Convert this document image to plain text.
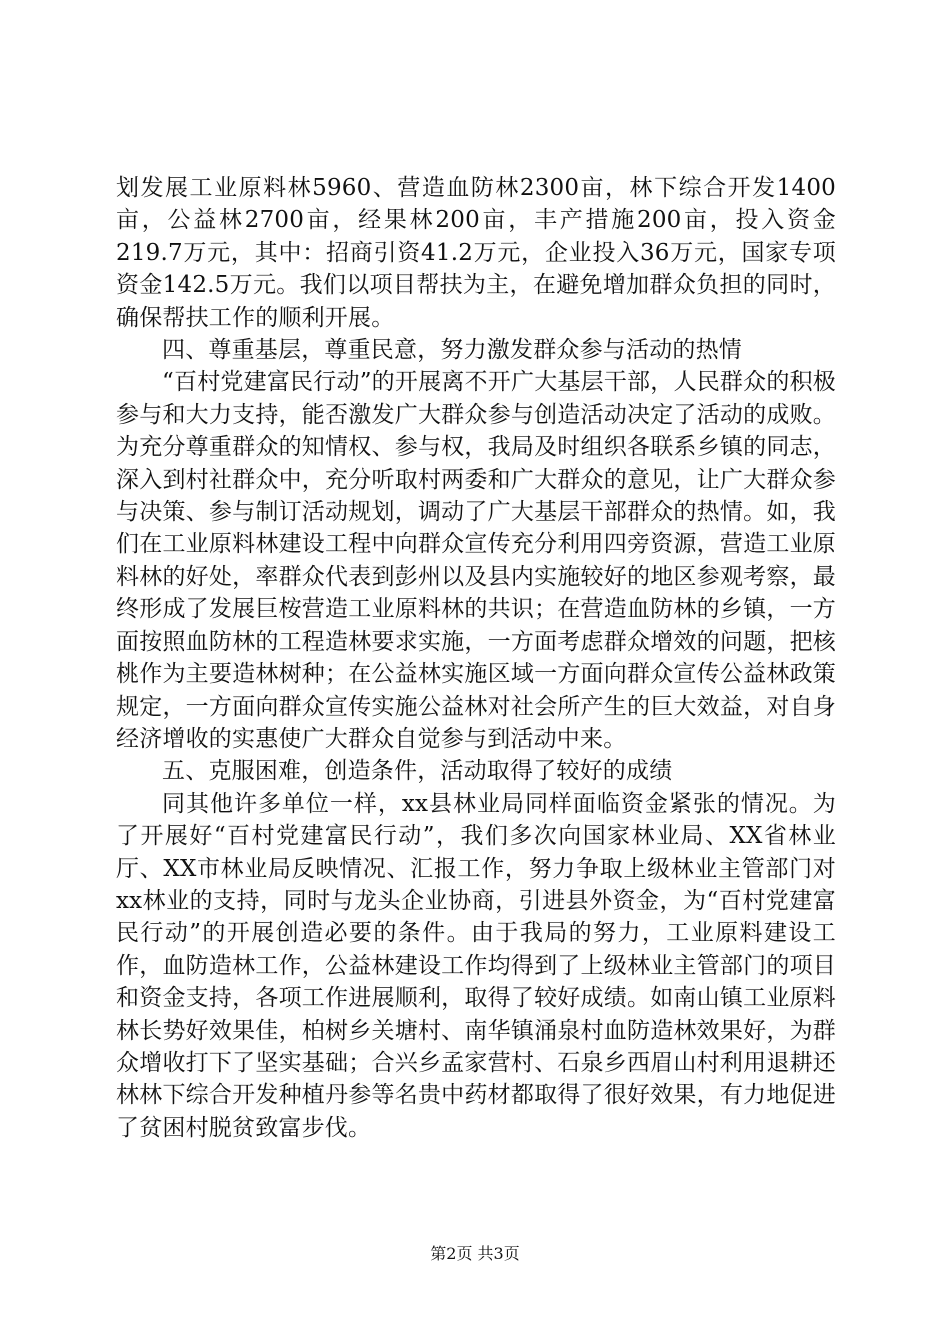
划发展工业原料林5960、营造血防林2300亩，林下综合开发1400亩，公益林2700亩，经果林200亩，丰产措施200亩，投入资金219.7万元，其中：招商引资41.2万元，企业投入36万元，国家专项资金142.5万元。我们以项目帮扶为主，在避免增加群众负担的同时，确保帮扶工作的顺利开展。

四、尊重基层，尊重民意，努力激发群众参与活动的热情

“百村党建富民行动”的开展离不开广大基层干部，人民群众的积极参与和大力支持，能否激发广大群众参与创造活动决定了活动的成败。为充分尊重群众的知情权、参与权，我局及时组织各联系乡镇的同志，深入到村社群众中，充分听取村两委和广大群众的意见，让广大群众参与决策、参与制订活动规划，调动了广大基层干部群众的热情。如，我们在工业原料林建设工程中向群众宣传充分利用四旁资源，营造工业原料林的好处，率群众代表到彭州以及县内实施较好的地区参观考察，最终形成了发展巨桉营造工业原料林的共识；在营造血防林的乡镇，一方面按照血防林的工程造林要求实施，一方面考虑群众增效的问题，把核桃作为主要造林树种；在公益林实施区域一方面向群众宣传公益林政策规定，一方面向群众宣传实施公益林对社会所产生的巨大效益，对自身经济增收的实惠使广大群众自觉参与到活动中来。

五、克服困难，创造条件，活动取得了较好的成绩

同其他许多单位一样，xx县林业局同样面临资金紧张的情况。为了开展好“百村党建富民行动”，我们多次向国家林业局、XX省林业厅、XX市林业局反映情况、汇报工作，努力争取上级林业主管部门对xx林业的支持，同时与龙头企业协商，引进县外资金，为“百村党建富民行动”的开展创造必要的条件。由于我局的努力，工业原料建设工作，血防造林工作，公益林建设工作均得到了上级林业主管部门的项目和资金支持，各项工作进展顺利，取得了较好成绩。如南山镇工业原料林长势好效果佳，柏树乡关塘村、南华镇涌泉村血防造林效果好，为群众增收打下了坚实基础；合兴乡孟家营村、石泉乡西眉山村利用退耕还林林下综合开发种植丹参等名贵中药材都取得了很好效果，有力地促进了贫困村脱贫致富步伐。

第2页 共3页
